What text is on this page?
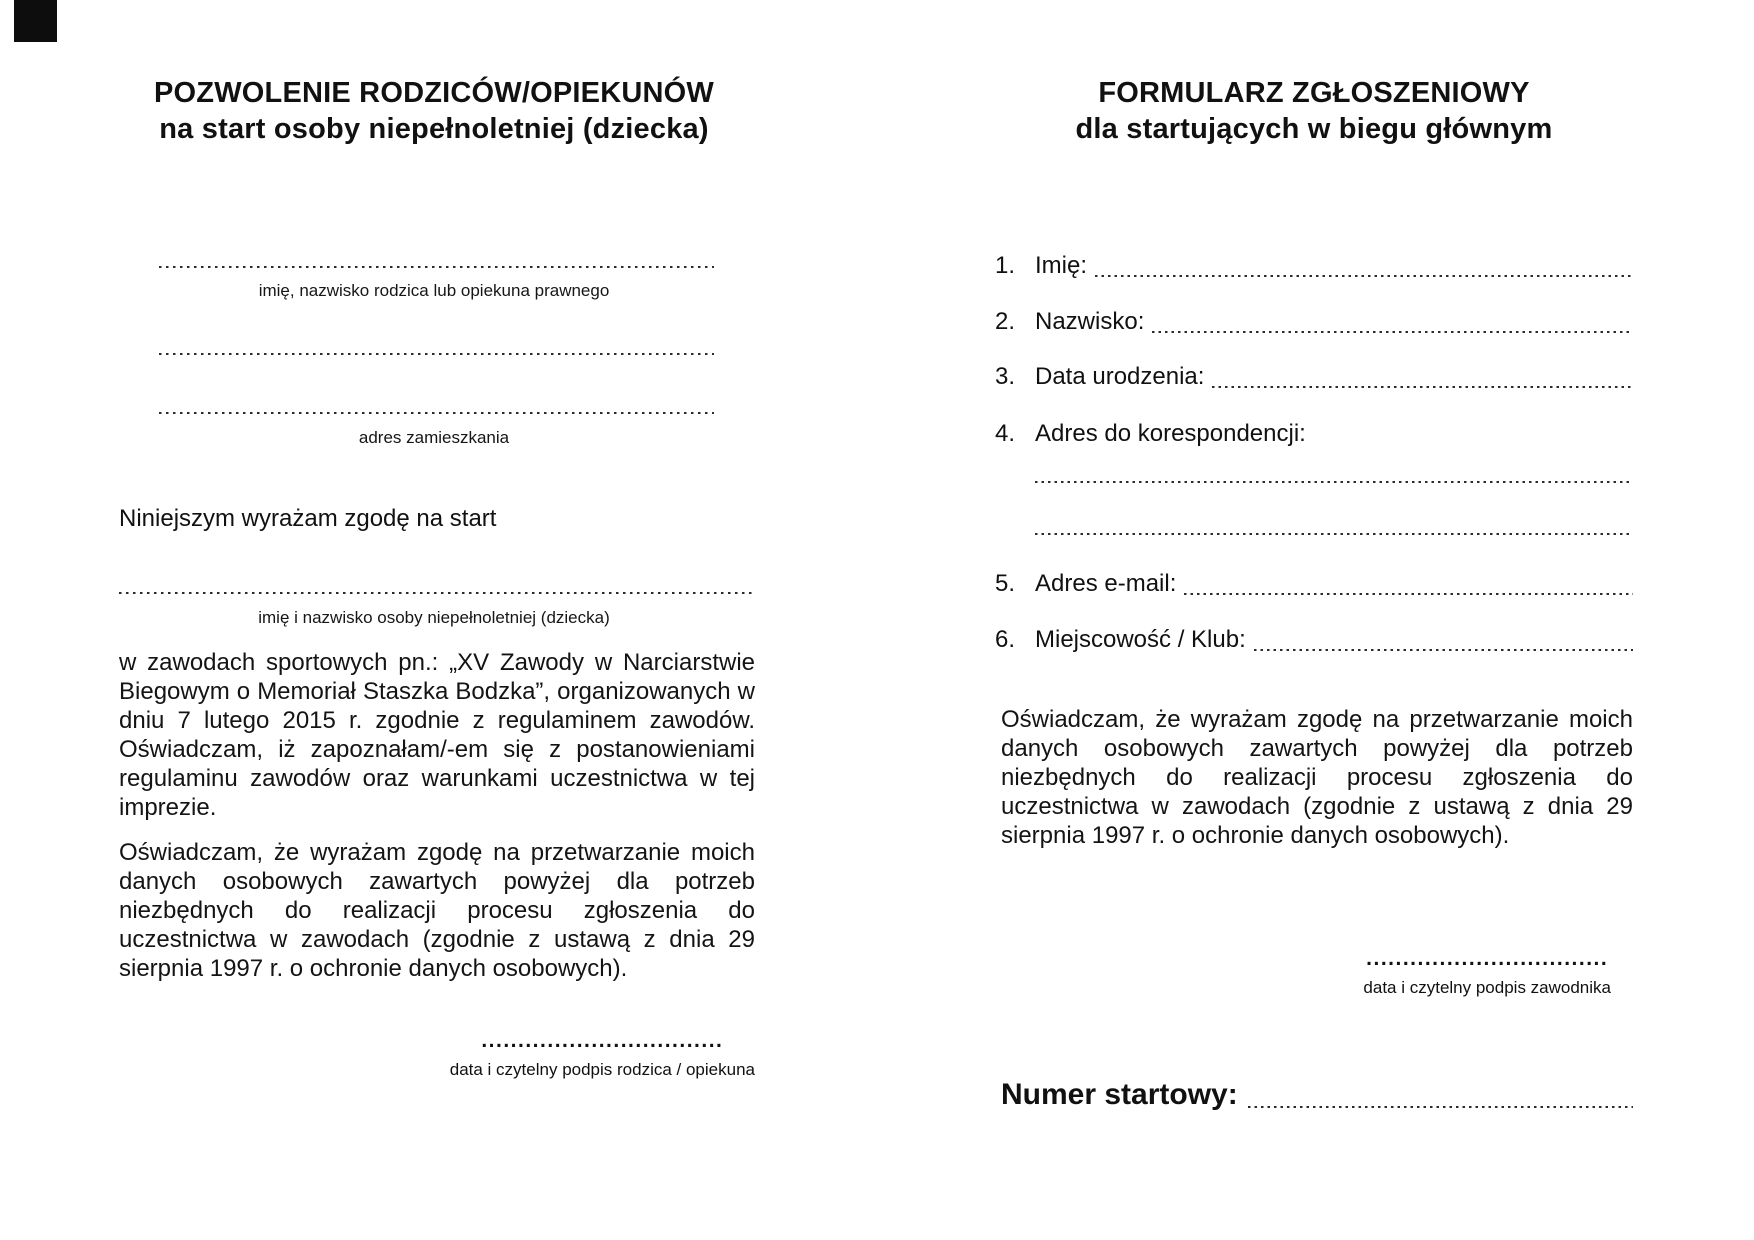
POZWOLENIE RODZICÓW/OPIEKUNÓW
na start osoby niepełnoletniej (dziecka)
imię, nazwisko rodzica lub opiekuna prawnego
adres zamieszkania
Niniejszym wyrażam zgodę na start
imię i nazwisko osoby niepełnoletniej (dziecka)
w zawodach sportowych pn.: „XV Zawody w Narciarstwie Biegowym o Memoriał Staszka Bodzka”, organizowanych w dniu 7 lutego 2015 r. zgodnie z regulaminem zawodów. Oświadczam, iż zapoznałam/-em się z postanowieniami regulaminu zawodów oraz warunkami uczestnictwa w tej imprezie.
Oświadczam, że wyrażam zgodę na przetwarzanie moich danych osobowych zawartych powyżej dla potrzeb niezbędnych do realizacji procesu zgłoszenia do uczestnictwa w zawodach (zgodnie z ustawą z dnia 29 sierpnia 1997 r. o ochronie danych osobowych).
.................................
data i czytelny podpis rodzica / opiekuna
FORMULARZ ZGŁOSZENIOWY
dla startujących w biegu głównym
1. Imię:
2. Nazwisko:
3. Data urodzenia:
4. Adres do korespondencji:
5. Adres e-mail:
6. Miejscowość / Klub:
Oświadczam, że wyrażam zgodę na przetwarzanie moich danych osobowych zawartych powyżej dla potrzeb niezbędnych do realizacji procesu zgłoszenia do uczestnictwa w zawodach (zgodnie z ustawą z dnia 29 sierpnia 1997 r. o ochronie danych osobowych).
.................................
data i czytelny podpis zawodnika
Numer startowy:
